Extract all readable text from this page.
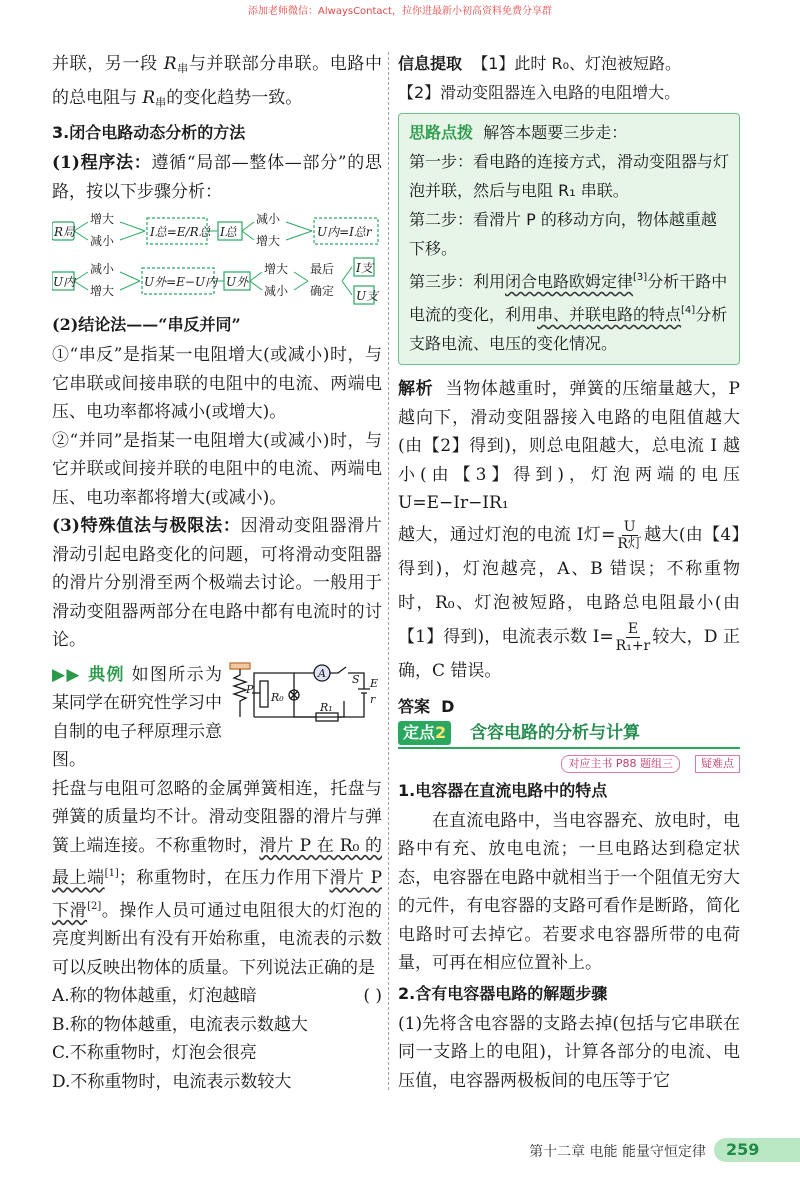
添加老师微信：AlwaysContact，拉你进最新小初高资料免费分享群

并联，另一段 $R_串$与并联部分串联。电路中的总电阻与 $R_串$的变化趋势一致。

3.闭合电路动态分析的方法

(1)程序法：遵循“局部—整体—部分”的思路，按以下步骤分析：

R局
增大
减小
I总=E/R总 I总
减小
增大
U内=I总r
U内
减小
增大
U外=E−U内 U外
增大
减小
最后
确定
I支
U支
(2)结论法——“串反并同”

①“串反”是指某一电阻增大(或减小)时，与它串联或间接串联的电阻中的电流、两端电压、电功率都将减小(或增大)。

②“并同”是指某一电阻增大(或减小)时，与它并联或间接并联的电阻中的电流、两端电压、电功率都将增大(或减小)。

(3)特殊值法与极限法：因滑动变阻器滑片滑动引起电路变化的问题，可将滑动变阻器的滑片分别滑至两个极端去讨论。一般用于滑动变阻器两部分在电路中都有电流时的讨论。

A S
P
R₀
R₁
E
r

▶▶ 典例 如图所示为某同学在研究性学习中自制的电子秤原理示意图。

托盘与电阻可忽略的金属弹簧相连，托盘与弹簧的质量均不计。滑动变阻器的滑片与弹簧上端连接。不称重物时，滑片 P 在 R₀ 的最上端[1]；称重物时，在压力作用下滑片 P 下滑[2]。操作人员可通过电阻很大的灯泡的亮度判断出有没有开始称重，电流表的示数可以反映出物体的质量。下列说法正确的是
( )

A.称的物体越重，灯泡越暗

B.称的物体越重，电流表示数越大

C.不称重物时，灯泡会很亮

D.不称重物时，电流表示数较大

信息提取 【1】此时 R₀、灯泡被短路。

【2】滑动变阻器连入电路的电阻增大。

思路点拨 解答本题要三步走：
第一步：看电路的连接方式，滑动变阻器与灯泡并联，然后与电阻 R₁ 串联。
第二步：看滑片 P 的移动方向，物体越重越下移。
第三步：利用闭合电路欧姆定律[3]分析干路中电流的变化，利用串、并联电路的特点[4]分析支路电流、电压的变化情况。

解析 当物体越重时，弹簧的压缩量越大，P 越向下，滑动变阻器接入电路的电阻值越大(由【2】得到)，则总电阻越大，总电流 I 越小(由【3】得到)，灯泡两端的电压 U=E−Ir−IR₁

越大，通过灯泡的电流 I灯= $\frac{U}{\text{R灯}}$ 越大(由【4】得到)，灯泡越亮，A、B 错误；不称重物时，R₀、灯泡被短路，电路总电阻最小(由【1】得到)，电流表示数 $I= \frac{E}{\text{R₁+r}}$ 较大，D 正确，C 错误。

答案 D
定点2 含容电路的分析与计算
对应主书 P88 题组三	疑难点
1.电容器在直流电路中的特点

在直流电路中，当电容器充、放电时，电路中有充、放电电流；一旦电路达到稳定状态，电容器在电路中就相当于一个阻值无穷大的元件，有电容器的支路可看作是断路，简化电路时可去掉它。若要求电容器所带的电荷量，可再在相应位置补上。

2.含有电容器电路的解题步骤

(1)先将含电容器的支路去掉(包括与它串联在同一支路上的电阻)，计算各部分的电流、电压值，电容器两极板间的电压等于它

第十二章 电能 能量守恒定律	259
